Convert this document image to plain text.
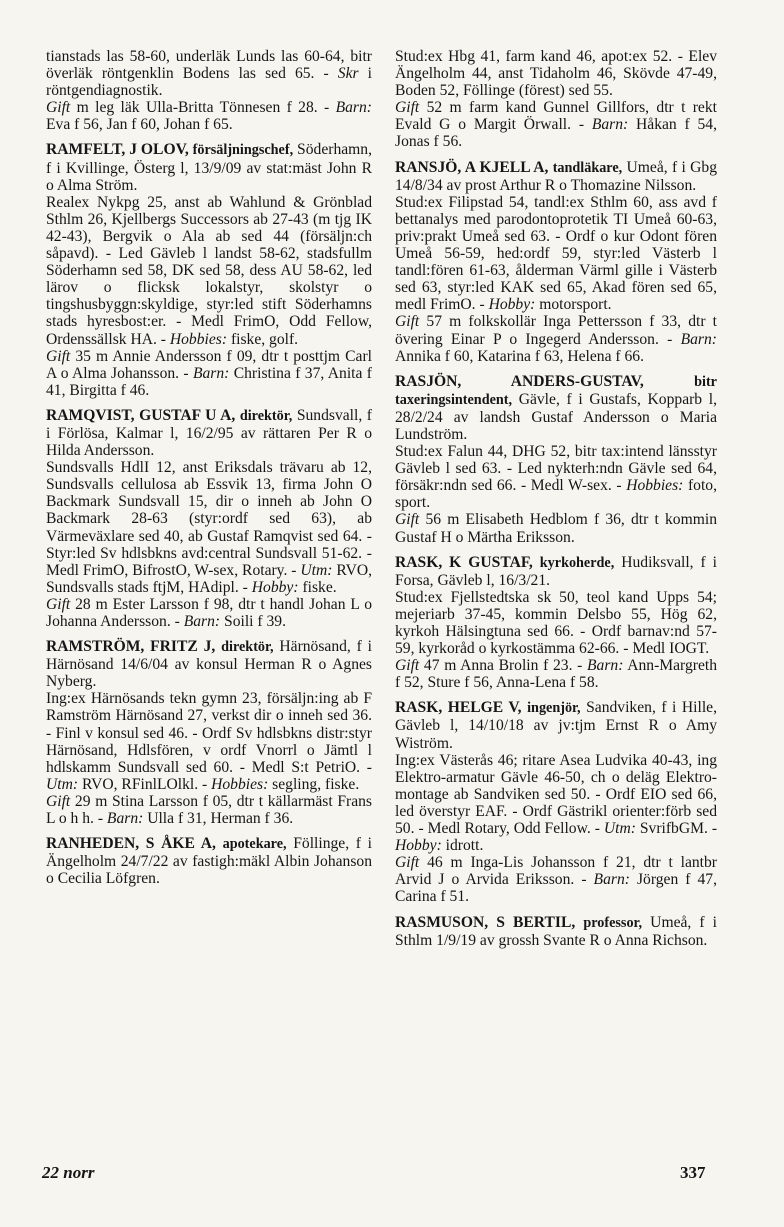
tianstads las 58-60, underläk Lunds las 60-64, bitr överläk röntgenklin Bodens las sed 65. - Skr i röntgendiagnostik.

Gift m leg läk Ulla-Britta Tönnesen f 28. - Barn: Eva f 56, Jan f 60, Johan f 65.

RAMFELT, J OLOV, försäljningschef, Söderhamn, f i Kvillinge, Österg l, 13/9/09 av stat:mäst John R o Alma Ström.

Realex Nykpg 25, anst ab Wahlund & Grönblad Sthlm 26, Kjellbergs Successors ab 27-43 (m tjg IK 42-43), Bergvik o Ala ab sed 44 (försäljn:ch såpavd). - Led Gävleb l landst 58-62, stadsfullm Söderhamn sed 58, DK sed 58, dess AU 58-62, led lärov o flicksk lokalstyr, skolstyr o tingshusbyggn:skyldige, styr:led stift Söderhamns stads hyresbost:er. - Medl FrimO, Odd Fellow, Ordenssällsk HA. - Hobbies: fiske, golf.

Gift 35 m Annie Andersson f 09, dtr t posttjm Carl A o Alma Johansson. - Barn: Christina f 37, Anita f 41, Birgitta f 46.

RAMQVIST, GUSTAF U A, direktör, Sundsvall, f i Förlösa, Kalmar l, 16/2/95 av rättaren Per R o Hilda Andersson.

Sundsvalls HdlI 12, anst Eriksdals trävaru ab 12, Sundsvalls cellulosa ab Essvik 13, firma John O Backmark Sundsvall 15, dir o inneh ab John O Backmark 28-63 (styr:ordf sed 63), ab Värmeväxlare sed 40, ab Gustaf Ramqvist sed 64. - Styr:led Sv hdlsbkns avd:central Sundsvall 51-62. - Medl FrimO, BifrostO, W-sex, Rotary. - Utm: RVO, Sundsvalls stads ftjM, HAdipl. - Hobby: fiske.

Gift 28 m Ester Larsson f 98, dtr t handl Johan L o Johanna Andersson. - Barn: Soili f 39.

RAMSTRÖM, FRITZ J, direktör, Härnösand, f i Härnösand 14/6/04 av konsul Herman R o Agnes Nyberg.

Ing:ex Härnösands tekn gymn 23, försäljn:ing ab F Ramström Härnösand 27, verkst dir o inneh sed 36. - Finl v konsul sed 46. - Ordf Sv hdlsbkns distr:styr Härnösand, Hdlsfören, v ordf Vnorrl o Jämtl l hdlskamm Sundsvall sed 60. - Medl S:t PetriO. - Utm: RVO, RFinlLOlkl. - Hobbies: segling, fiske.

Gift 29 m Stina Larsson f 05, dtr t källarmäst Frans L o h h. - Barn: Ulla f 31, Herman f 36.

RANHEDEN, S ÅKE A, apotekare, Föllinge, f i Ängelholm 24/7/22 av fastigh:mäkl Albin Johanson o Cecilia Löfgren.

Stud:ex Hbg 41, farm kand 46, apot:ex 52. - Elev Ängelholm 44, anst Tidaholm 46, Skövde 47-49, Boden 52, Föllinge (förest) sed 55.

Gift 52 m farm kand Gunnel Gillfors, dtr t rekt Evald G o Margit Örwall. - Barn: Håkan f 54, Jonas f 56.

RANSJÖ, A KJELL A, tandläkare, Umeå, f i Gbg 14/8/34 av prost Arthur R o Thomazine Nilsson.

Stud:ex Filipstad 54, tandl:ex Sthlm 60, ass avd f bettanalys med parodontoprotetik TI Umeå 60-63, priv:prakt Umeå sed 63. - Ordf o kur Odont fören Umeå 56-59, hed:ordf 59, styr:led Västerb l tandl:fören 61-63, ålderman Värml gille i Västerb sed 63, styr:led KAK sed 65, Akad fören sed 65, medl FrimO. - Hobby: motorsport.

Gift 57 m folkskollär Inga Pettersson f 33, dtr t övering Einar P o Ingegerd Andersson. - Barn: Annika f 60, Katarina f 63, Helena f 66.

RASJÖN, ANDERS-GUSTAV,	bitr taxeringsintendent, Gävle, f i Gustafs, Kopparb l, 28/2/24 av landsh Gustaf Andersson o Maria Lundström.

Stud:ex Falun 44, DHG 52, bitr tax:intend länsstyr Gävleb l sed 63. - Led nykterh:ndn Gävle sed 64, försäkr:ndn sed 66. - Medl W-sex. - Hobbies: foto, sport.

Gift 56 m Elisabeth Hedblom f 36, dtr t kommin Gustaf H o Märtha Eriksson.

RASK, K GUSTAF, kyrkoherde, Hudiksvall, f i Forsa, Gävleb l, 16/3/21.

Stud:ex Fjellstedtska sk 50, teol kand Upps 54; mejeriarb 37-45, kommin Delsbo 55, Hög 62, kyrkoh Hälsingtuna sed 66. - Ordf barnav:nd 57-59, kyrkoråd o kyrkostämma 62-66. - Medl IOGT.

Gift 47 m Anna Brolin f 23. - Barn: Ann-Margreth f 52, Sture f 56, Anna-Lena f 58.

RASK, HELGE V, ingenjör, Sandviken, f i Hille, Gävleb l, 14/10/18 av jv:tjm Ernst R o Amy Wiström.

Ing:ex Västerås 46; ritare Asea Ludvika 40-43, ing Elektro-armatur Gävle 46-50, ch o deläg Elektro-montage ab Sandviken sed 50. - Ordf EIO sed 66, led överstyr EAF. - Ordf Gästrikl orienter:förb sed 50. - Medl Rotary, Odd Fellow. - Utm: SvrifbGM. - Hobby: idrott.

Gift 46 m Inga-Lis Johansson f 21, dtr t lantbr Arvid J o Arvida Eriksson. - Barn: Jörgen f 47, Carina f 51.

RASMUSON, S BERTIL, professor, Umeå, f i Sthlm 1/9/19 av grossh Svante R o Anna Richson.

22 norr	337
